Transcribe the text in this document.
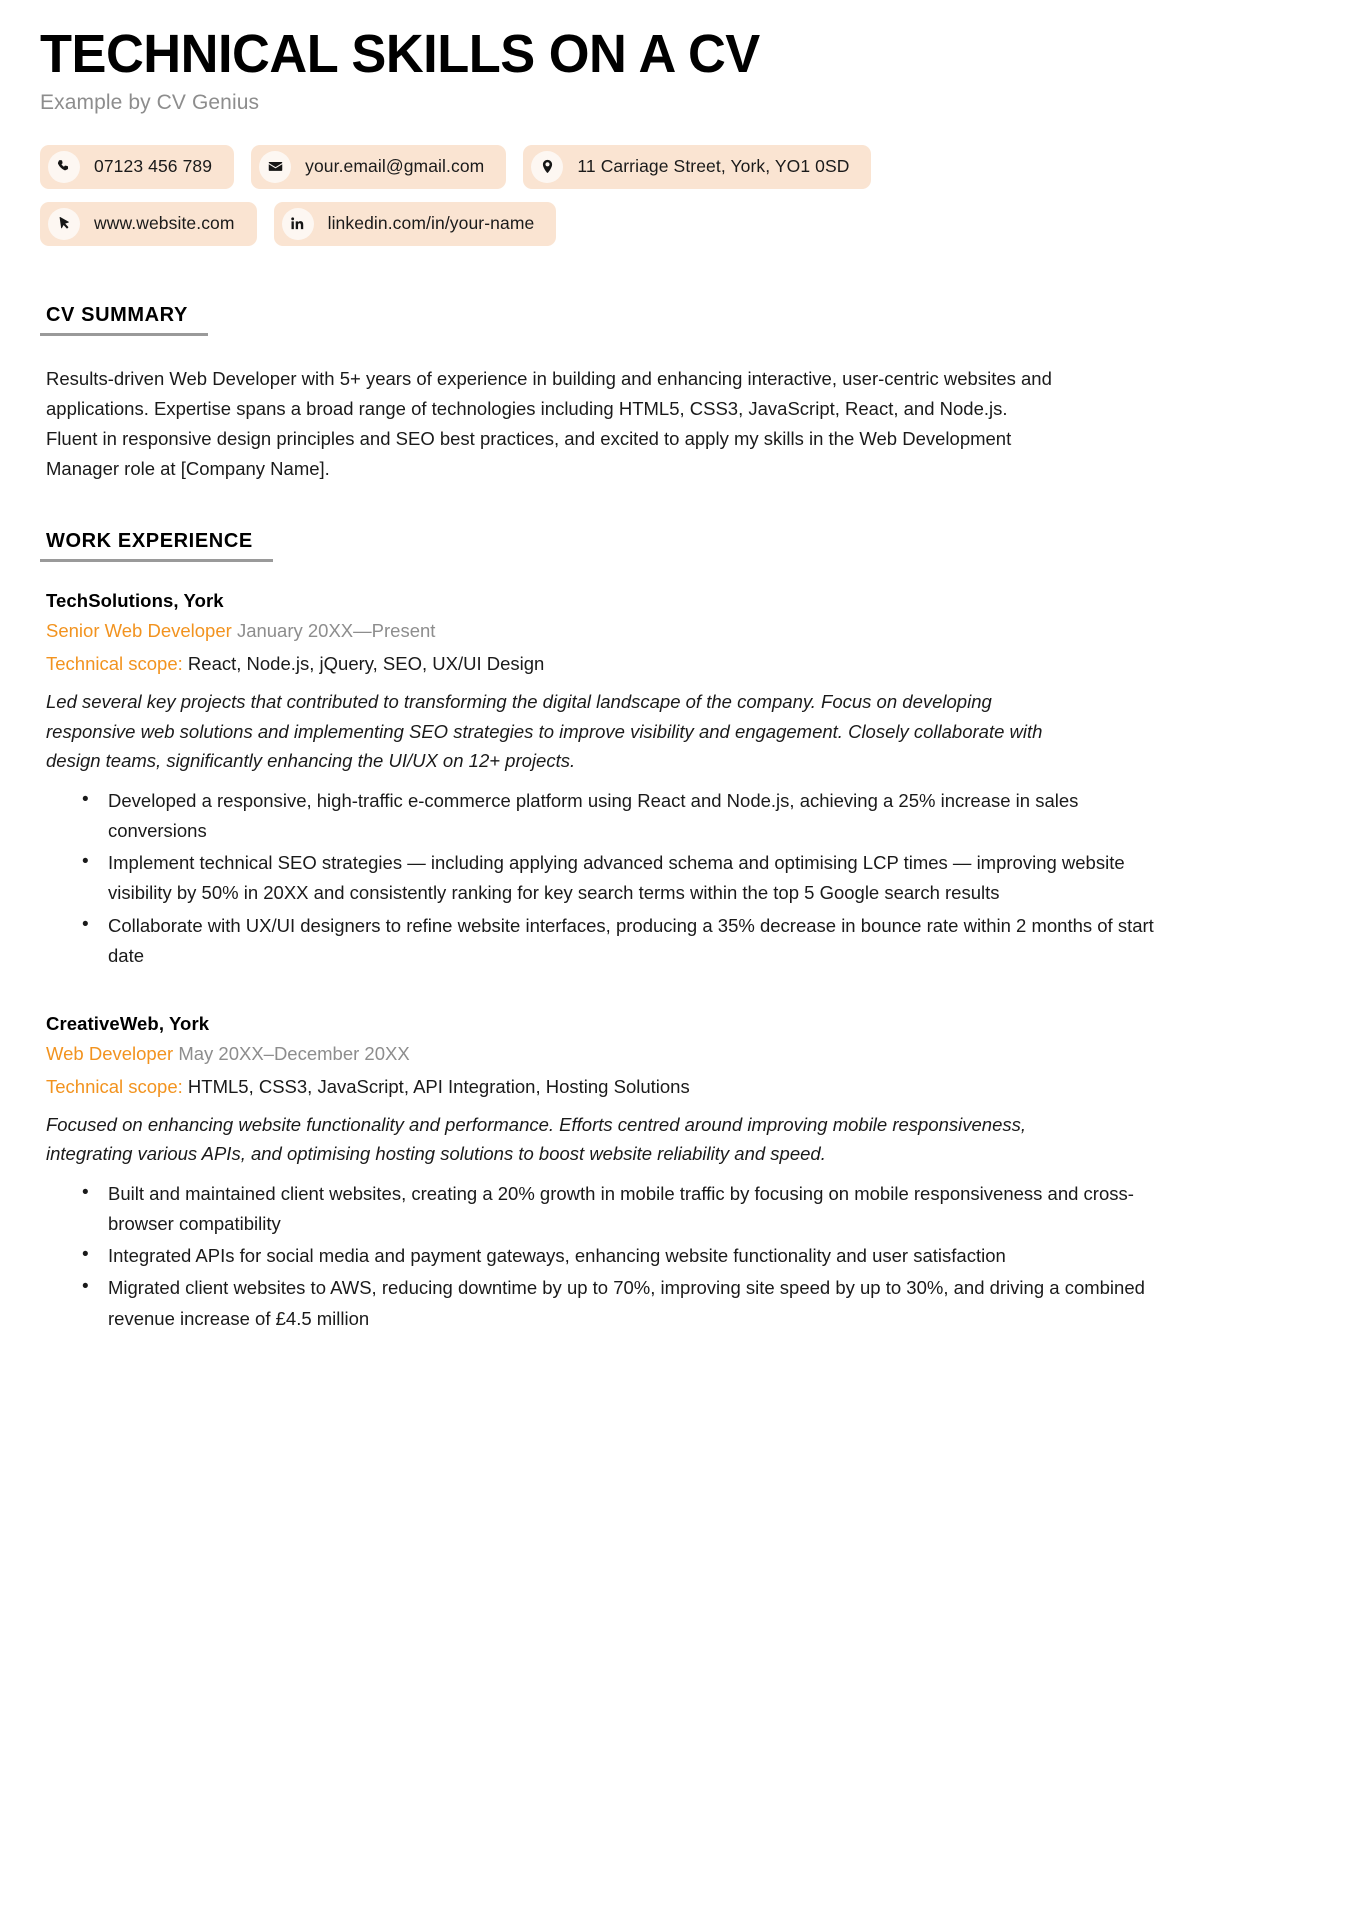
TECHNICAL SKILLS ON A CV
Example by CV Genius
07123 456 789	your.email@gmail.com	11 Carriage Street, York, YO1 0SD
www.website.com	linkedin.com/in/your-name
CV SUMMARY

Results-driven Web Developer with 5+ years of experience in building and enhancing interactive, user-centric websites and applications. Expertise spans a broad range of technologies including HTML5, CSS3, JavaScript, React, and Node.js. Fluent in responsive design principles and SEO best practices, and excited to apply my skills in the Web Development Manager role at [Company Name].

WORK EXPERIENCE
TechSolutions, York
Senior Web Developer January 20XX—Present
Technical scope: React, Node.js, jQuery, SEO, UX/UI Design

Led several key projects that contributed to transforming the digital landscape of the company. Focus on developing responsive web solutions and implementing SEO strategies to improve visibility and engagement. Closely collaborate with design teams, significantly enhancing the UI/UX on 12+ projects.

• Developed a responsive, high-traffic e-commerce platform using React and Node.js, achieving a 25% increase in sales conversions
• Implement technical SEO strategies — including applying advanced schema and optimising LCP times — improving website visibility by 50% in 20XX and consistently ranking for key search terms within the top 5 Google search results
• Collaborate with UX/UI designers to refine website interfaces, producing a 35% decrease in bounce rate within 2 months of start date
CreativeWeb, York
Web Developer May 20XX–December 20XX
Technical scope: HTML5, CSS3, JavaScript, API Integration, Hosting Solutions

Focused on enhancing website functionality and performance. Efforts centred around improving mobile responsiveness, integrating various APIs, and optimising hosting solutions to boost website reliability and speed.

• Built and maintained client websites, creating a 20% growth in mobile traffic by focusing on mobile responsiveness and cross-browser compatibility
• Integrated APIs for social media and payment gateways, enhancing website functionality and user satisfaction
• Migrated client websites to AWS, reducing downtime by up to 70%, improving site speed by up to 30%, and driving a combined revenue increase of £4.5 million
